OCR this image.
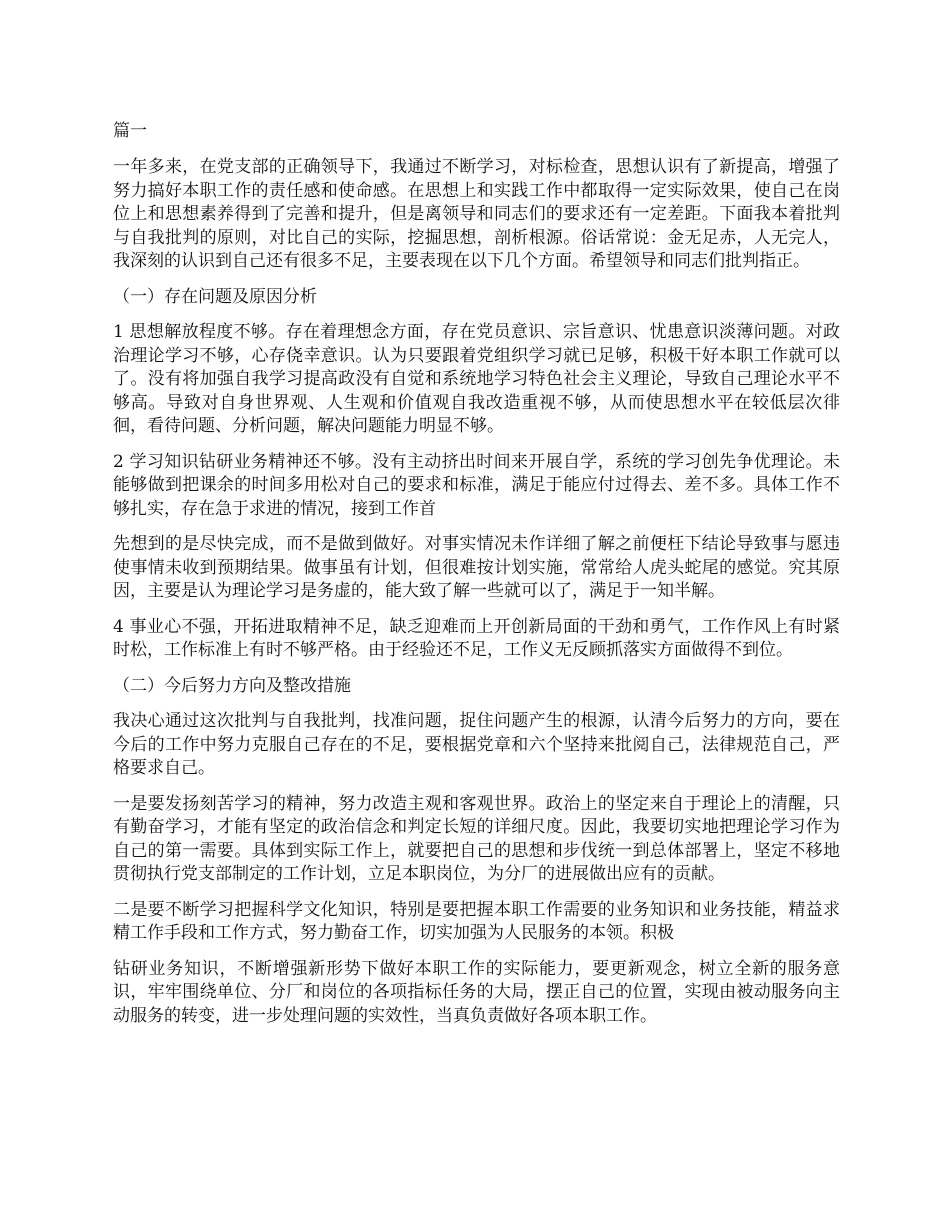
篇一

一年多来，在党支部的正确领导下，我通过不断学习，对标检查，思想认识有了新提高，增强了努力搞好本职工作的责任感和使命感。在思想上和实践工作中都取得一定实际效果，使自己在岗位上和思想素养得到了完善和提升，但是离领导和同志们的要求还有一定差距。下面我本着批判与自我批判的原则，对比自己的实际，挖掘思想，剖析根源。俗话常说：金无足赤，人无完人，我深刻的认识到自己还有很多不足，主要表现在以下几个方面。希望领导和同志们批判指正。

（一）存在问题及原因分析

1 思想解放程度不够。存在着理想念方面，存在党员意识、宗旨意识、忧患意识淡薄问题。对政治理论学习不够，心存侥幸意识。认为只要跟着党组织学习就已足够，积极干好本职工作就可以了。没有将加强自我学习提高政没有自觉和系统地学习特色社会主义理论，导致自己理论水平不够高。导致对自身世界观、人生观和价值观自我改造重视不够，从而使思想水平在较低层次徘徊，看待问题、分析问题，解决问题能力明显不够。

2 学习知识钻研业务精神还不够。没有主动挤出时间来开展自学，系统的学习创先争优理论。未能够做到把课余的时间多用松对自己的要求和标准，满足于能应付过得去、差不多。具体工作不够扎实，存在急于求进的情况，接到工作首

先想到的是尽快完成，而不是做到做好。对事实情况未作详细了解之前便枉下结论导致事与愿违使事情未收到预期结果。做事虽有计划，但很难按计划实施，常常给人虎头蛇尾的感觉。究其原因，主要是认为理论学习是务虚的，能大致了解一些就可以了，满足于一知半解。

4 事业心不强，开拓进取精神不足，缺乏迎难而上开创新局面的干劲和勇气，工作作风上有时紧时松，工作标准上有时不够严格。由于经验还不足，工作义无反顾抓落实方面做得不到位。

（二）今后努力方向及整改措施

我决心通过这次批判与自我批判，找准问题，捉住问题产生的根源，认清今后努力的方向，要在今后的工作中努力克服自己存在的不足，要根据党章和六个坚持来批阅自己，法律规范自己，严格要求自己。

一是要发扬刻苦学习的精神，努力改造主观和客观世界。政治上的坚定来自于理论上的清醒，只有勤奋学习，才能有坚定的政治信念和判定长短的详细尺度。因此，我要切实地把理论学习作为自己的第一需要。具体到实际工作上，就要把自己的思想和步伐统一到总体部署上，坚定不移地贯彻执行党支部制定的工作计划，立足本职岗位，为分厂的进展做出应有的贡献。

二是要不断学习把握科学文化知识，特别是要把握本职工作需要的业务知识和业务技能，精益求精工作手段和工作方式，努力勤奋工作，切实加强为人民服务的本领。积极

钻研业务知识，不断增强新形势下做好本职工作的实际能力，要更新观念，树立全新的服务意识，牢牢围绕单位、分厂和岗位的各项指标任务的大局，摆正自己的位置，实现由被动服务向主动服务的转变，进一步处理问题的实效性，当真负责做好各项本职工作。
